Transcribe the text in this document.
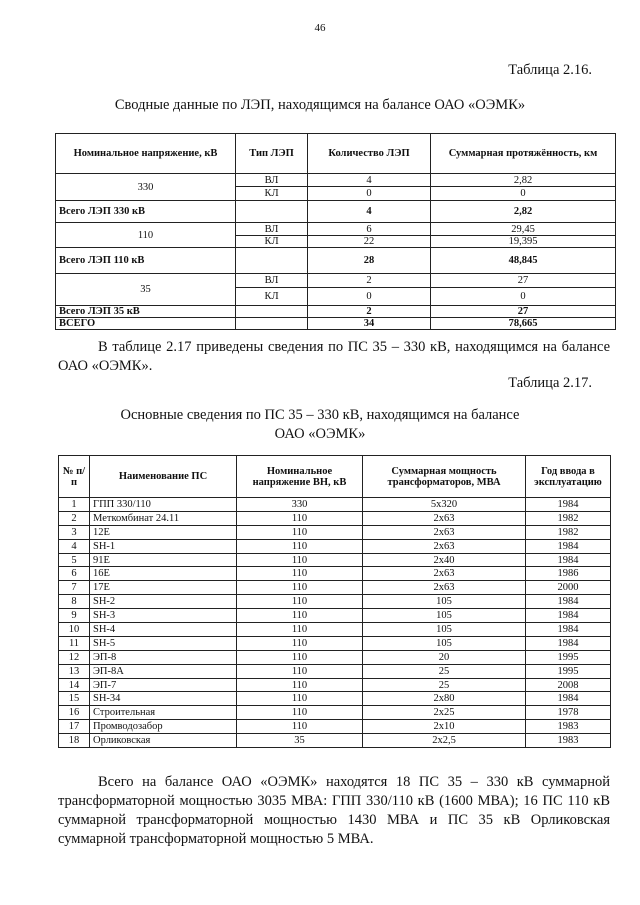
46
Таблица 2.16.
Сводные данные по ЛЭП, находящимся на балансе ОАО «ОЭМК»
Номинальное напряжение, кВ	Тип ЛЭП	Количество ЛЭП	Суммарная протяжённость, км
330	ВЛ	4	2,82
	КЛ	0	0
Всего ЛЭП 330 кВ		4	2,82
110	ВЛ	6	29,45
	КЛ	22	19,395
Всего ЛЭП 110 кВ		28	48,845
35	ВЛ	2	27
	КЛ	0	0
Всего ЛЭП 35 кВ		2	27
ВСЕГО		34	78,665
В таблице 2.17 приведены сведения по ПС 35 – 330 кВ, находящимся на балансе ОАО «ОЭМК».
Таблица 2.17.
Основные сведения по ПС 35 – 330 кВ, находящимся на балансе
ОАО «ОЭМК»
№ п/п	Наименование ПС	Номинальное напряжение ВН, кВ	Суммарная мощность трансформаторов, МВА	Год ввода в эксплуатацию
1	ГПП 330/110	330	5х320	1984
2	Меткомбинат 24.11	110	2х63	1982
3	12Е	110	2х63	1982
4	SH-1	110	2х63	1984
5	91Е	110	2х40	1984
6	16Е	110	2х63	1986
7	17Е	110	2х63	2000
8	SH-2	110	105	1984
9	SH-3	110	105	1984
10	SH-4	110	105	1984
11	SH-5	110	105	1984
12	ЭП-8	110	20	1995
13	ЭП-8А	110	25	1995
14	ЭП-7	110	25	2008
15	SH-34	110	2х80	1984
16	Строительная	110	2х25	1978
17	Промводозабор	110	2х10	1983
18	Орликовская	35	2х2,5	1983
Всего на балансе ОАО «ОЭМК» находятся 18 ПС 35 – 330 кВ суммарной трансформаторной мощностью 3035 МВА: ГПП 330/110 кВ (1600 МВА); 16 ПС 110 кВ суммарной трансформаторной мощностью 1430 МВА и ПС 35 кВ Орликовская суммарной трансформаторной мощностью 5 МВА.
